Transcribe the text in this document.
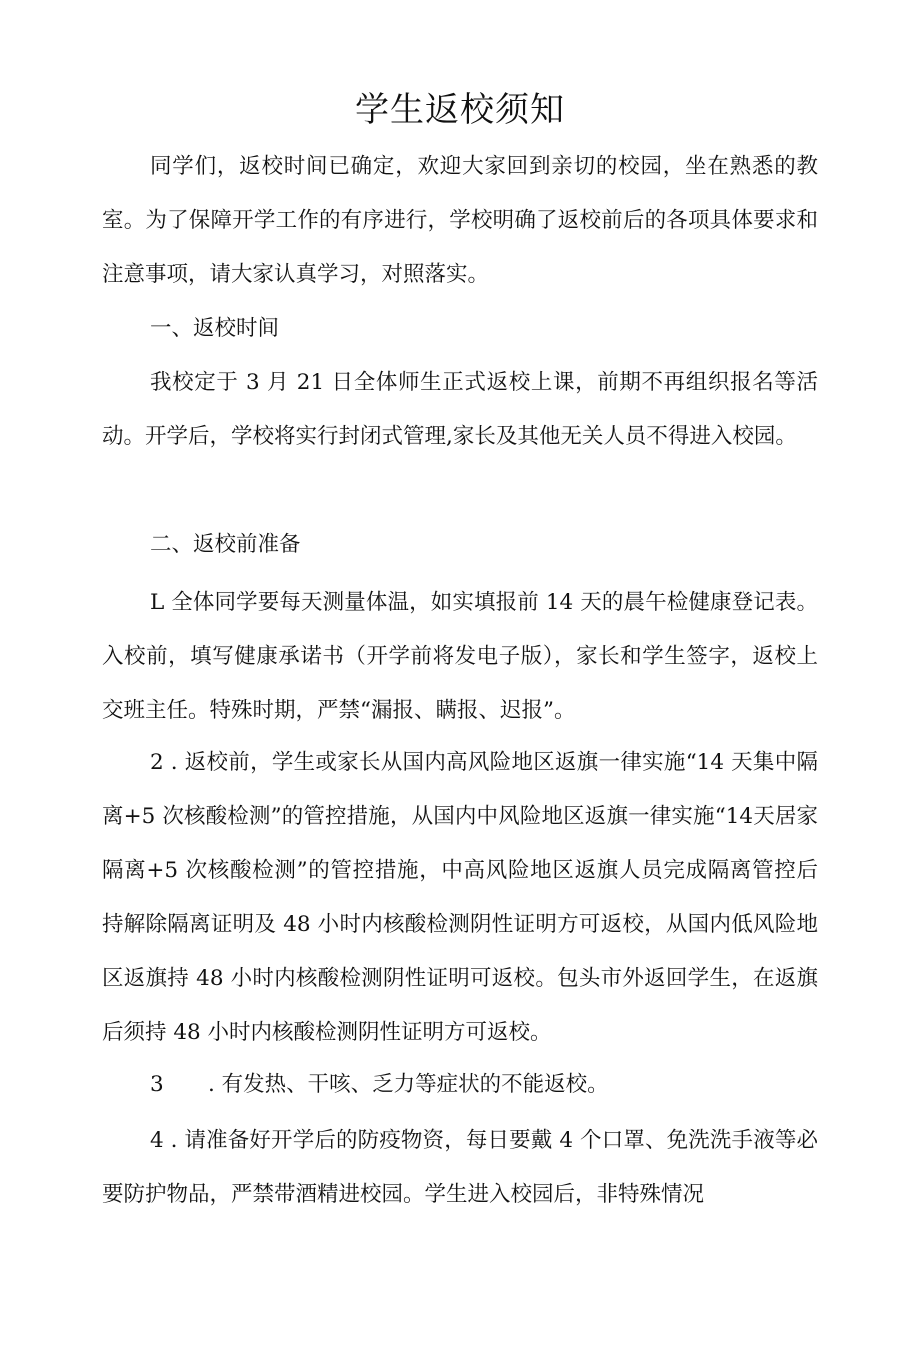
学生返校须知

同学们，返校时间已确定，欢迎大家回到亲切的校园，坐在熟悉的教室。为了保障开学工作的有序进行，学校明确了返校前后的各项具体要求和注意事项，请大家认真学习，对照落实。

一、返校时间

我校定于 3 月 21 日全体师生正式返校上课，前期不再组织报名等活动。开学后，学校将实行封闭式管理,家长及其他无关人员不得进入校园。

二、返校前准备

L 全体同学要每天测量体温，如实填报前 14 天的晨午检健康登记表。入校前，填写健康承诺书（开学前将发电子版），家长和学生签字，返校上交班主任。特殊时期，严禁“漏报、瞒报、迟报”。

2 . 返校前，学生或家长从国内高风险地区返旗一律实施“14 天集中隔离+5 次核酸检测”的管控措施，从国内中风险地区返旗一律实施“14天居家隔离+5 次核酸检测”的管控措施，中高风险地区返旗人员完成隔离管控后持解除隔离证明及 48 小时内核酸检测阴性证明方可返校，从国内低风险地区返旗持 48 小时内核酸检测阴性证明可返校。包头市外返回学生，在返旗后须持 48 小时内核酸检测阴性证明方可返校。

3 . 有发热、干咳、乏力等症状的不能返校。

4 . 请准备好开学后的防疫物资，每日要戴 4 个口罩、免洗洗手液等必要防护物品，严禁带酒精进校园。学生进入校园后，非特殊情况
